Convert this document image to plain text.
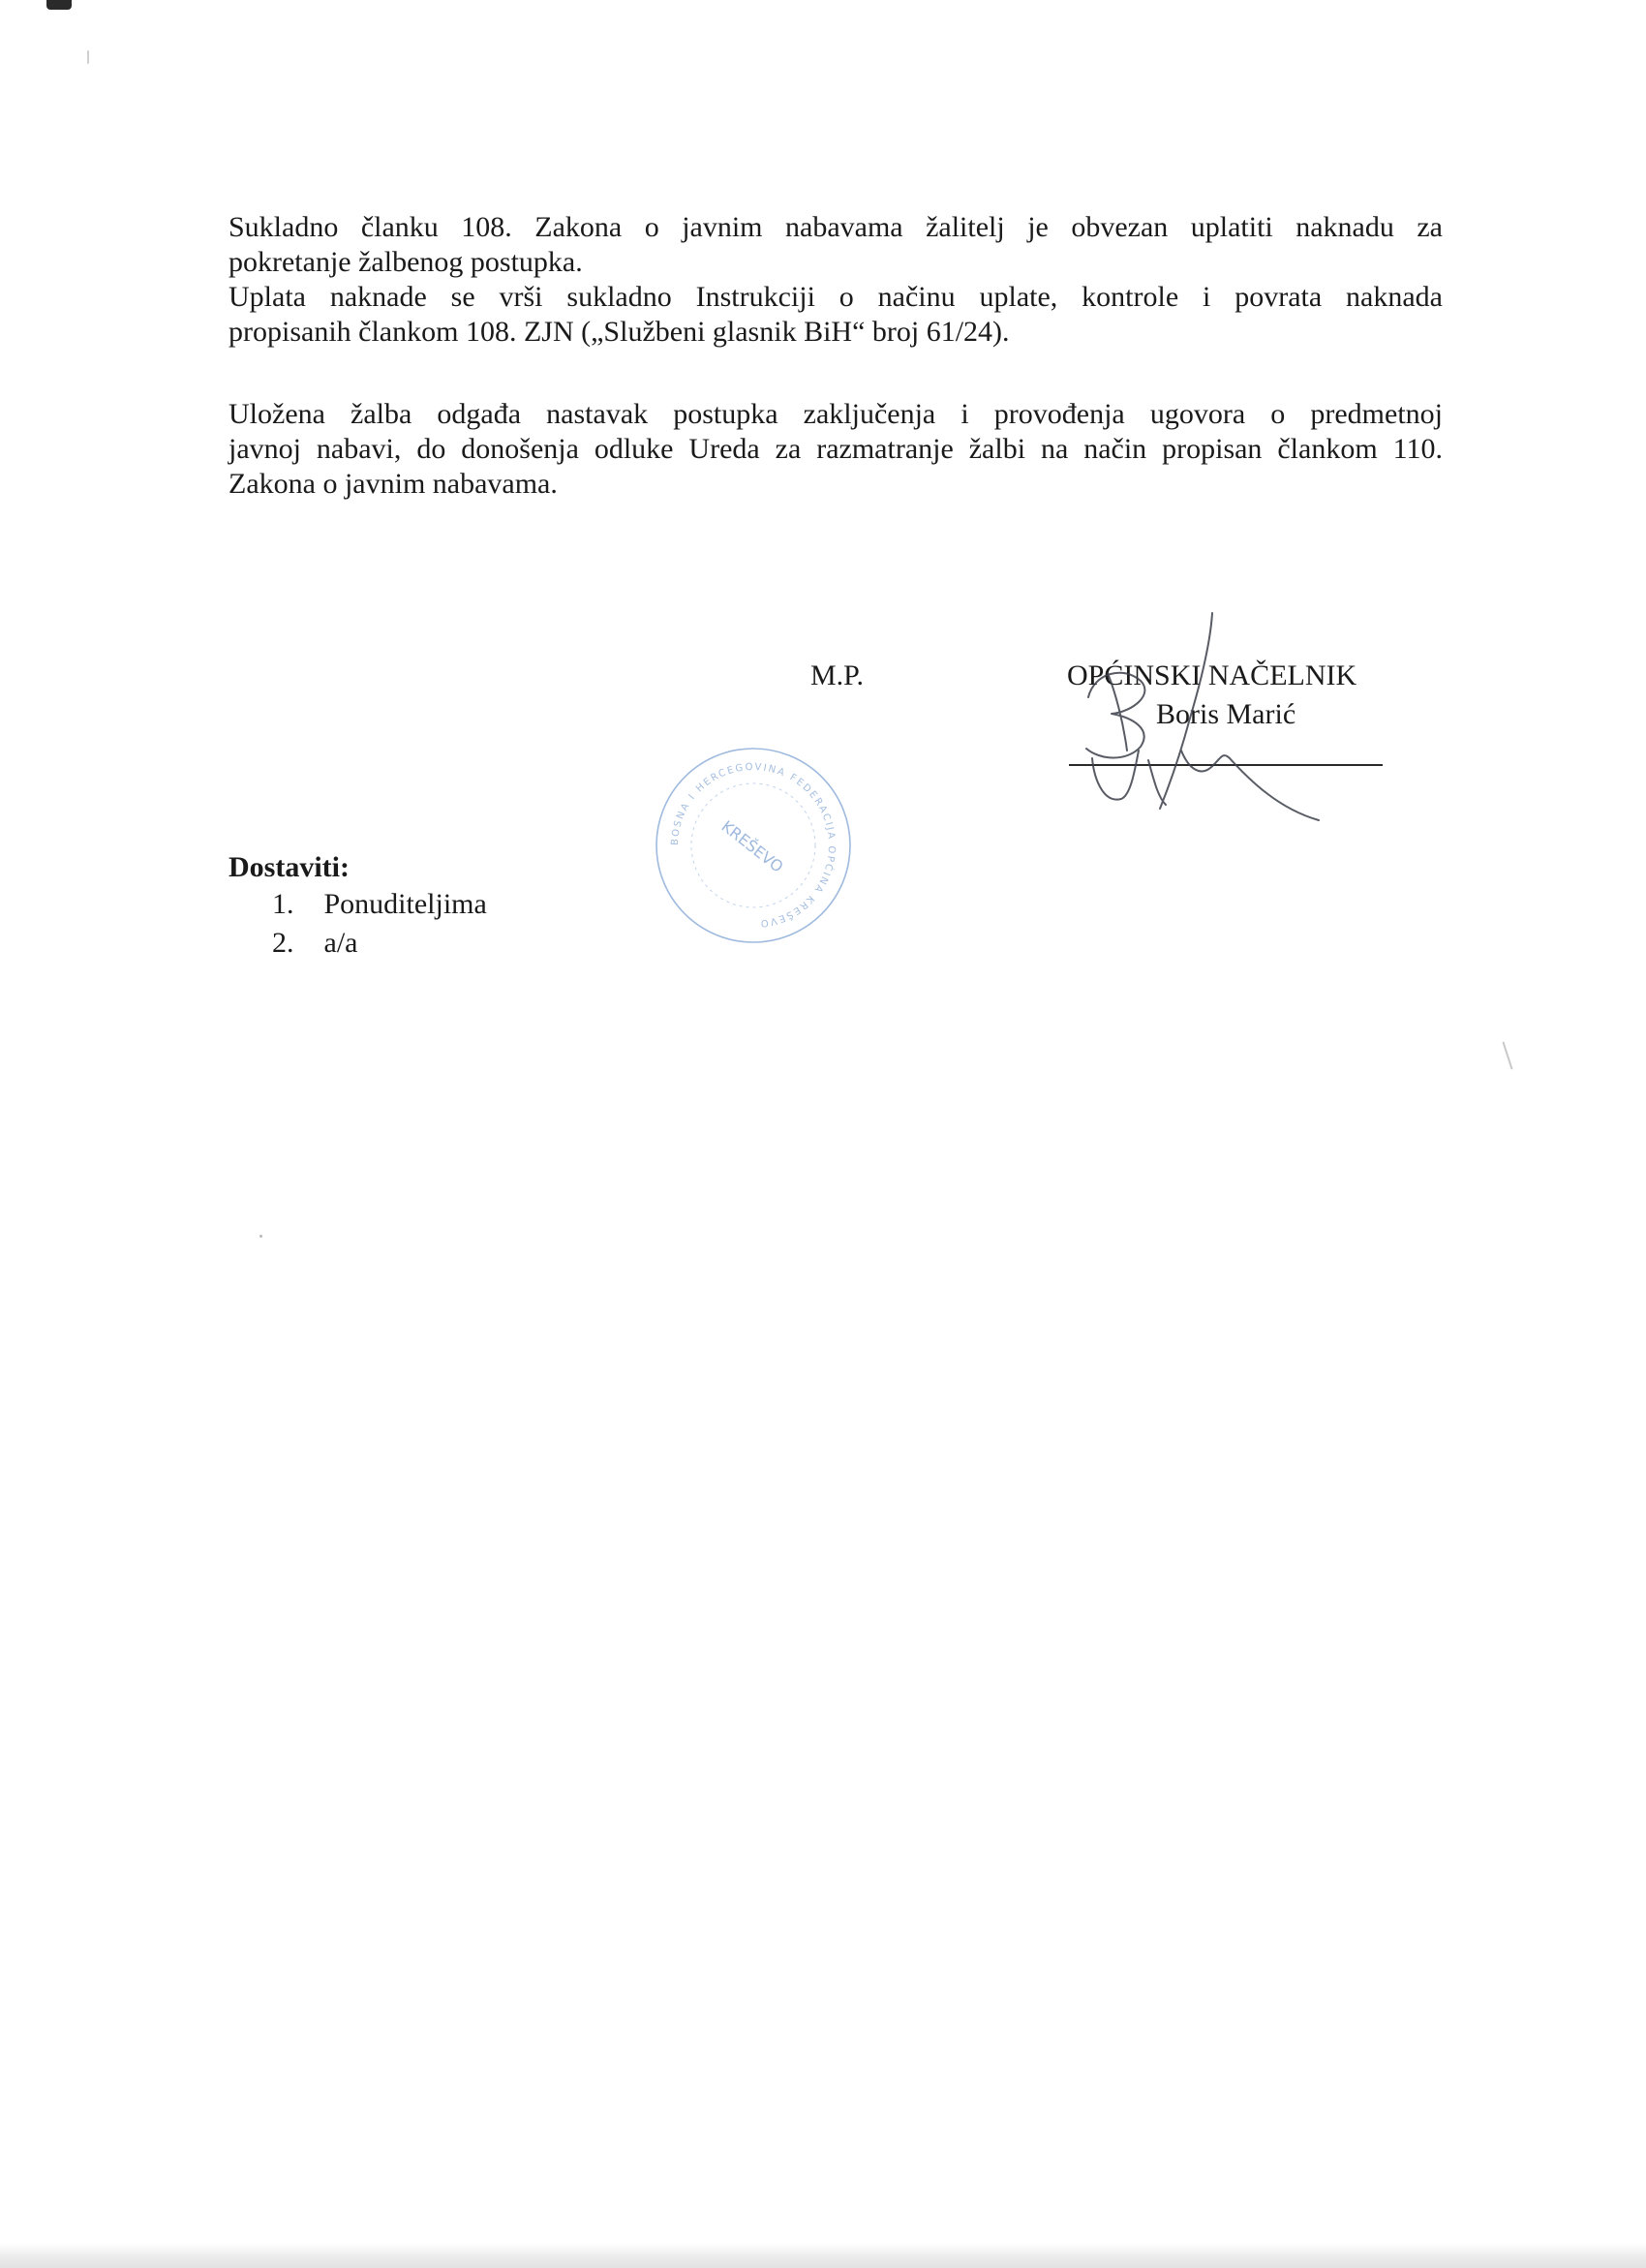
Sukladno članku 108. Zakona o javnim nabavama žalitelj je obvezan uplatiti naknadu za
pokretanje žalbenog postupka.
Uplata naknade se vrši sukladno Instrukciji o načinu uplate, kontrole i povrata naknada
propisanih člankom 108. ZJN („Službeni glasnik BiH“ broj 61/24).
Uložena žalba odgađa nastavak postupka zaključenja i provođenja ugovora o predmetnoj
javnoj nabavi, do donošenja odluke Ureda za razmatranje žalbi na način propisan člankom 110.
Zakona o javnim nabavama.
M.P.
BOSNA I HERCEGOVINA FEDERACIJA OPĆINA KREŠEVO
KREŠEVO
OPĆINSKI NAČELNIK
Boris Marić
Dostaviti:
1. Ponuditeljima
2. a/a
